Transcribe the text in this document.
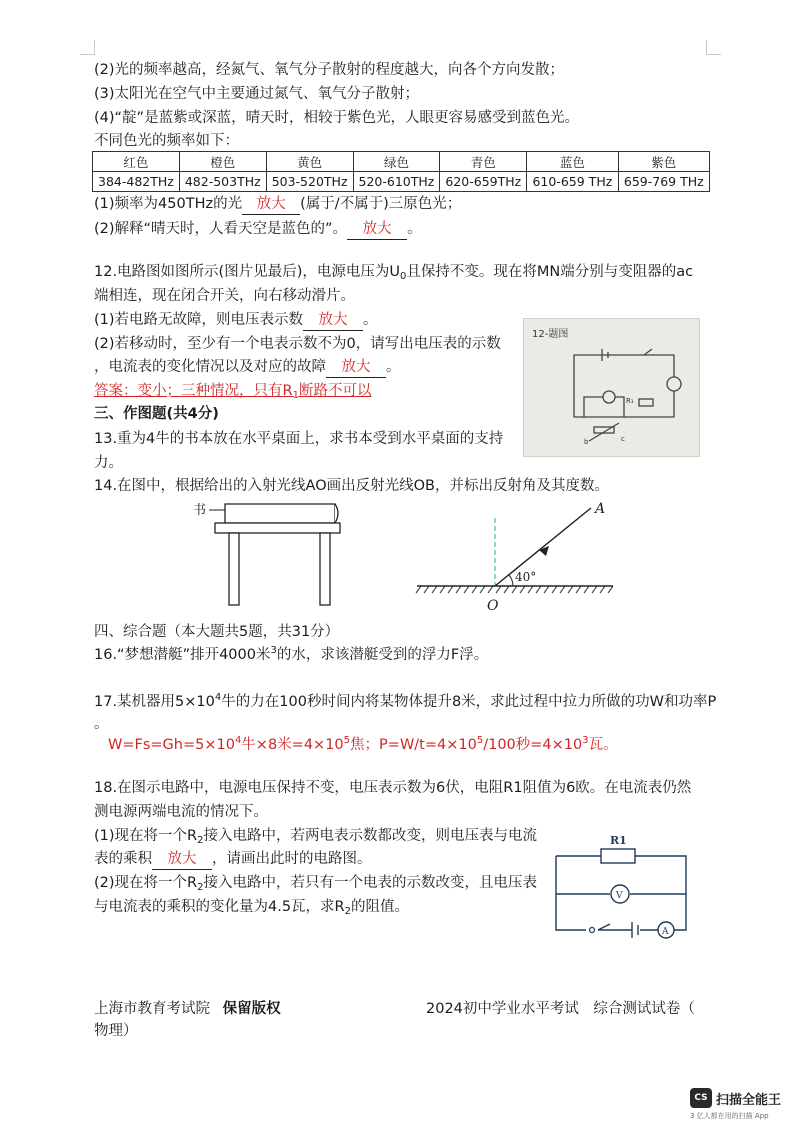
(2)光的频率越高，经氮气、氧气分子散射的程度越大，向各个方向发散；
(3)太阳光在空气中主要通过氮气、氧气分子散射；
(4)“靛”是蓝紫或深蓝，晴天时，相较于紫色光，人眼更容易感受到蓝色光。
不同色光的频率如下：
红色	橙色	黄色	绿色	青色	蓝色	紫色
384-482THz	482-503THz	503-520THz	520-610THz	620-659THz	610-659 THz	659-769 THz
(1)频率为450THz的光 放大 (属于/不属于)三原色光；
(2)解释“晴天时，人看天空是蓝色的”。 放大 。
12.电路图如图所示(图片见最后)，电源电压为$U_0$且保持不变。现在将MN端分别与变阻器的ac
端相连，现在闭合开关，向右移动滑片。
(1)若电路无故障，则电压表示数 放大 。
(2)若移动时，至少有一个电表示数不为0，请写出电压表的示数
，电流表的变化情况以及对应的故障 放大 。
答案：变小；三种情况，只有$R_1$断路不可以
三、作图题(共4分)
13.重为4牛的书本放在水平桌面上，求书本受到水平桌面的支持
力。
14.在图中，根据给出的入射光线AO画出反射光线OB，并标出反射角及其度数。
12-题图
R₁
b	c
书
40°
A
O
四、综合题（本大题共5题，共31分）
16.“梦想潜艇”排开4000米$^3$的水，求该潜艇受到的浮力F浮。
17.某机器用$5\times 10^4$牛的力在100秒时间内将某物体提升8米，求此过程中拉力所做的功W和功率P
。
$W=Fs=Gh=5\times 10^4$牛×8米$=4\times 10^5$焦；$P=W/t=4\times 10^5/100$秒$=4\times 10^3$瓦。
18.在图示电路中，电源电压保持不变，电压表示数为6伏，电阻R1阻值为6欧。在电流表仍然
测电源两端电流的情况下。
(1)现在将一个$R_2$接入电路中，若两电表示数都改变，则电压表与电流
表的乘积 放大 ，请画出此时的电路图。
(2)现在将一个$R_2$接入电路中，若只有一个电表的示数改变，且电压表
与电流表的乘积的变化量为4.5瓦，求$R_2$的阻值。
R1
V
A
上海市教育考试院 保留版权	2024初中学业水平考试　综合测试试卷（
物理）
CS 扫描全能王
3 亿人都在用的扫描 App
